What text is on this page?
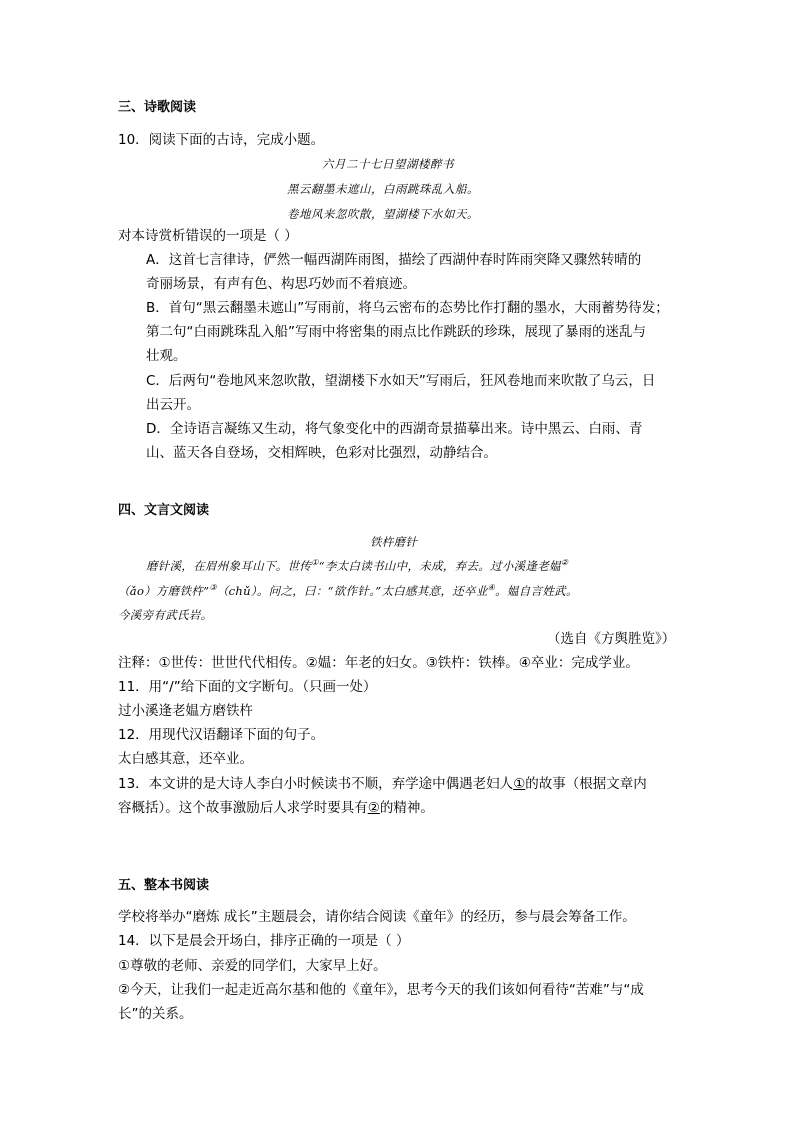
三、诗歌阅读
10．阅读下面的古诗，完成小题。
六月二十七日望湖楼醉书
黑云翻墨未遮山，白雨跳珠乱入船。
卷地风来忽吹散，望湖楼下水如天。
对本诗赏析错误的一项是（ ）
A．这首七言律诗，俨然一幅西湖阵雨图，描绘了西湖仲春时阵雨突降又骤然转晴的
奇丽场景，有声有色、构思巧妙而不着痕迹。
B．首句“黑云翻墨未遮山”写雨前，将乌云密布的态势比作打翻的墨水，大雨蓄势待发；
第二句“白雨跳珠乱入船”写雨中将密集的雨点比作跳跃的珍珠，展现了暴雨的迷乱与
壮观。
C．后两句“卷地风来忽吹散，望湖楼下水如天”写雨后，狂风卷地而来吹散了乌云，日
出云开。
D．全诗语言凝练又生动，将气象变化中的西湖奇景描摹出来。诗中黑云、白雨、青
山、蓝天各自登场，交相辉映，色彩对比强烈，动静结合。
四、文言文阅读
铁杵磨针
磨针溪，在眉州象耳山下。世传①“李太白读书山中，未成，弃去。过小溪逢老媪②
（ǎo）方磨铁杵”③（chǔ）。问之，曰：“欲作针。”太白感其意，还卒业④。媪自言姓武。
今溪旁有武氏岩。
（选自《方舆胜览》）
注释：①世传：世世代代相传。②媪：年老的妇女。③铁杵：铁棒。④卒业：完成学业。
11．用“/”给下面的文字断句。（只画一处）
过小溪逢老媪方磨铁杵
12．用现代汉语翻译下面的句子。
太白感其意，还卒业。
13．本文讲的是大诗人李白小时候读书不顺，弃学途中偶遇老妇人①的故事（根据文章内
容概括）。这个故事激励后人求学时要具有②的精神。
五、整本书阅读
学校将举办“磨炼 成长”主题晨会，请你结合阅读《童年》的经历，参与晨会筹备工作。
14．以下是晨会开场白，排序正确的一项是（ ）
①尊敬的老师、亲爱的同学们，大家早上好。
②今天，让我们一起走近高尔基和他的《童年》，思考今天的我们该如何看待“苦难”与“成
长”的关系。
